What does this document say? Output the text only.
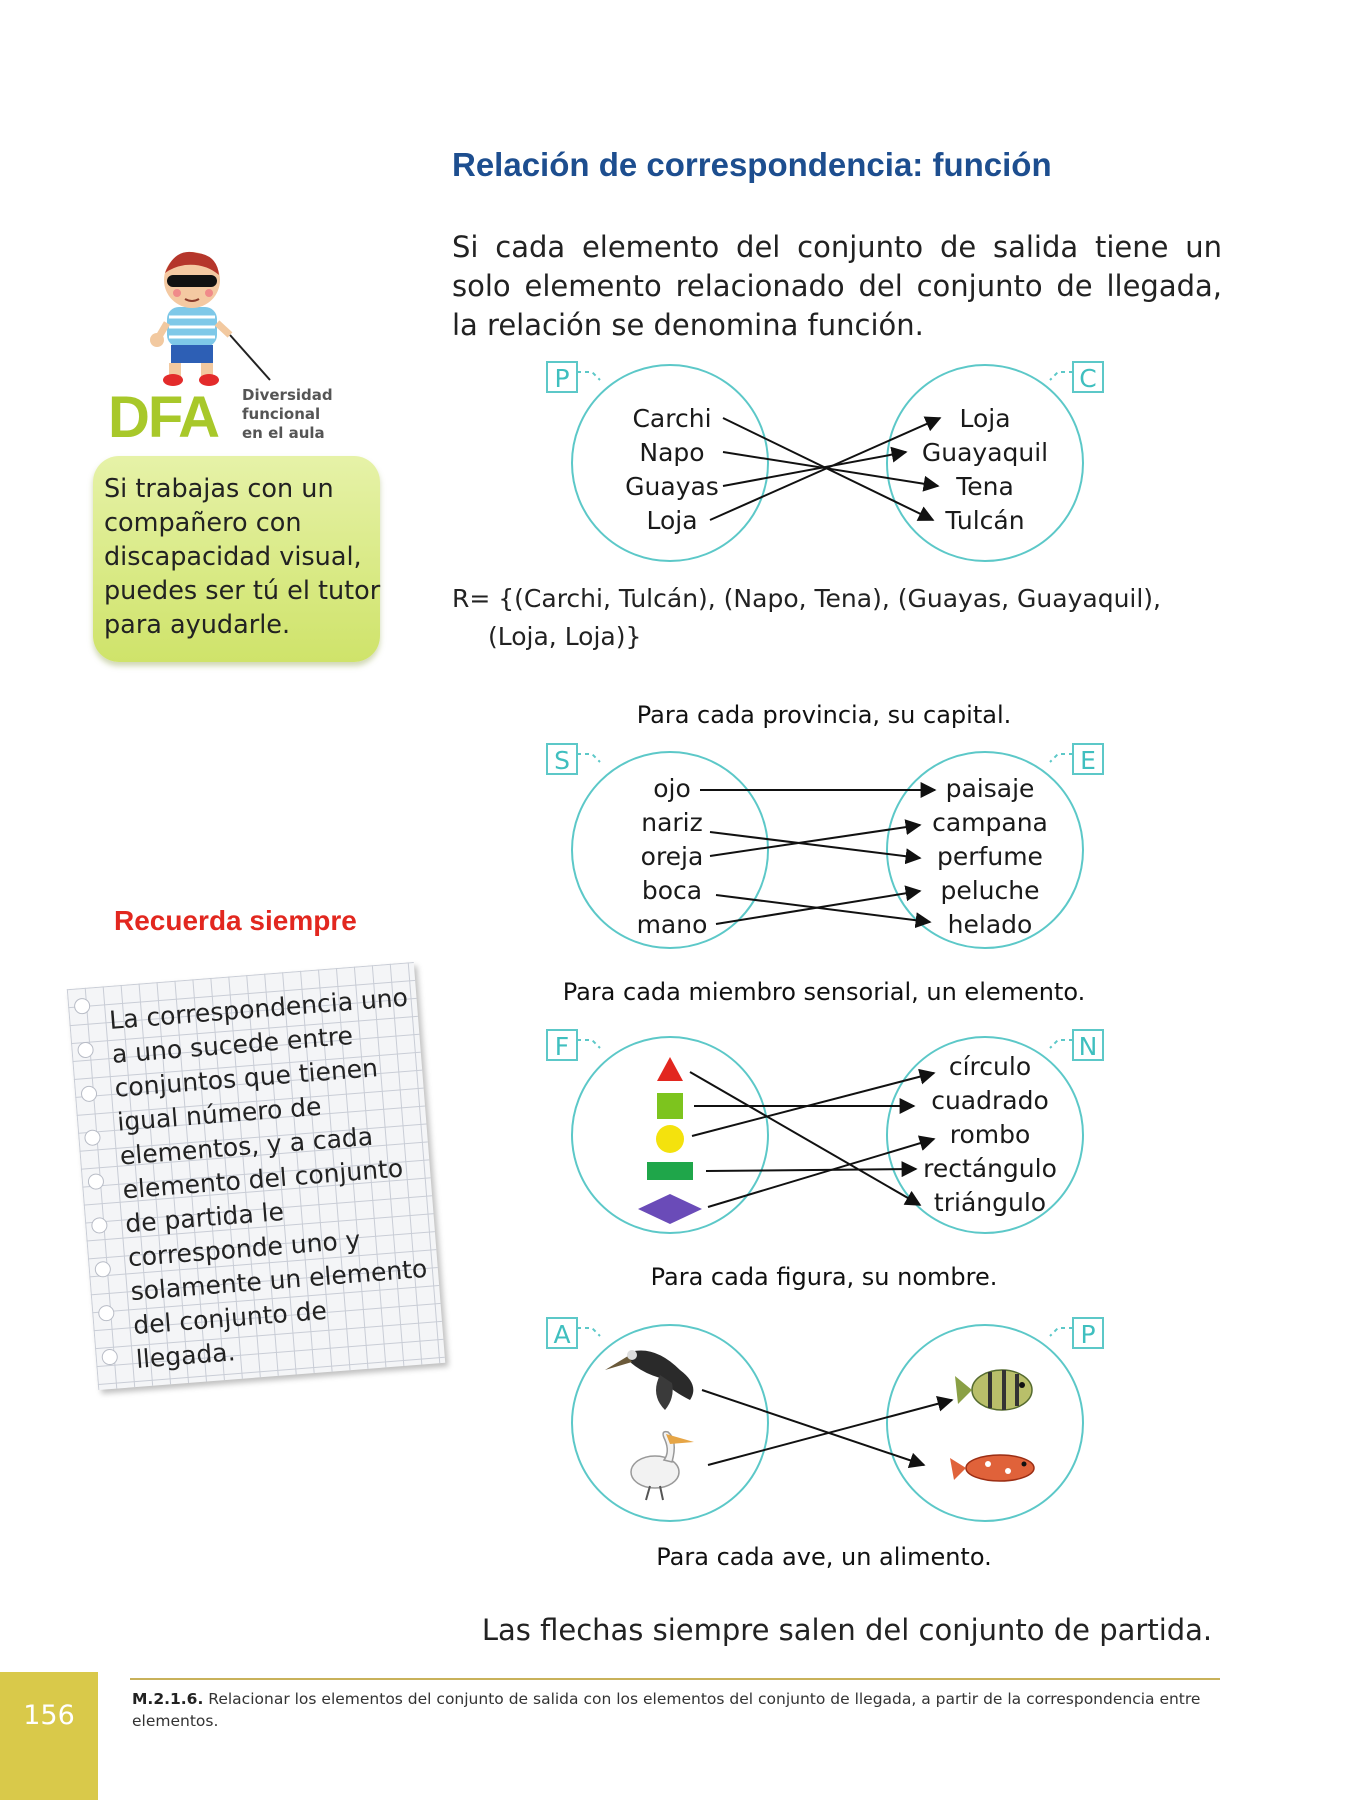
Relación de correspondencia: función
Si cada elemento del conjunto de salida tiene un solo elemento relacionado del conjunto de llegada, la relación se denomina función.
DFA Diversidad
funcional
en el aula
Si trabajas con un compañero con discapacidad visual, puedes ser tú el tutor para ayudarle.
Recuerda siempre
La correspondencia uno a uno sucede entre conjuntos que tienen igual número de elementos, y a cada elemento del conjunto de partida le corresponde uno y solamente un elemento del conjunto de llegada.
P	C
Carchi
Napo
Guayas
Loja
Loja
Guayaquil
Tena
Tulcán
S	E
ojo
nariz
oreja
boca
mano
paisaje
campana
perfume
peluche
helado
F	N
círculo
cuadrado
rombo
rectángulo
triángulo
A	P
R= {(Carchi, Tulcán), (Napo, Tena), (Guayas, Guayaquil),
(Loja, Loja)}
Para cada provincia, su capital.
Para cada miembro sensorial, un elemento.
Para cada figura, su nombre.
Para cada ave, un alimento.
Las flechas siempre salen del conjunto de partida.
M.2.1.6. Relacionar los elementos del conjunto de salida con los elementos del conjunto de llegada, a partir de la correspondencia entre elementos.
156
